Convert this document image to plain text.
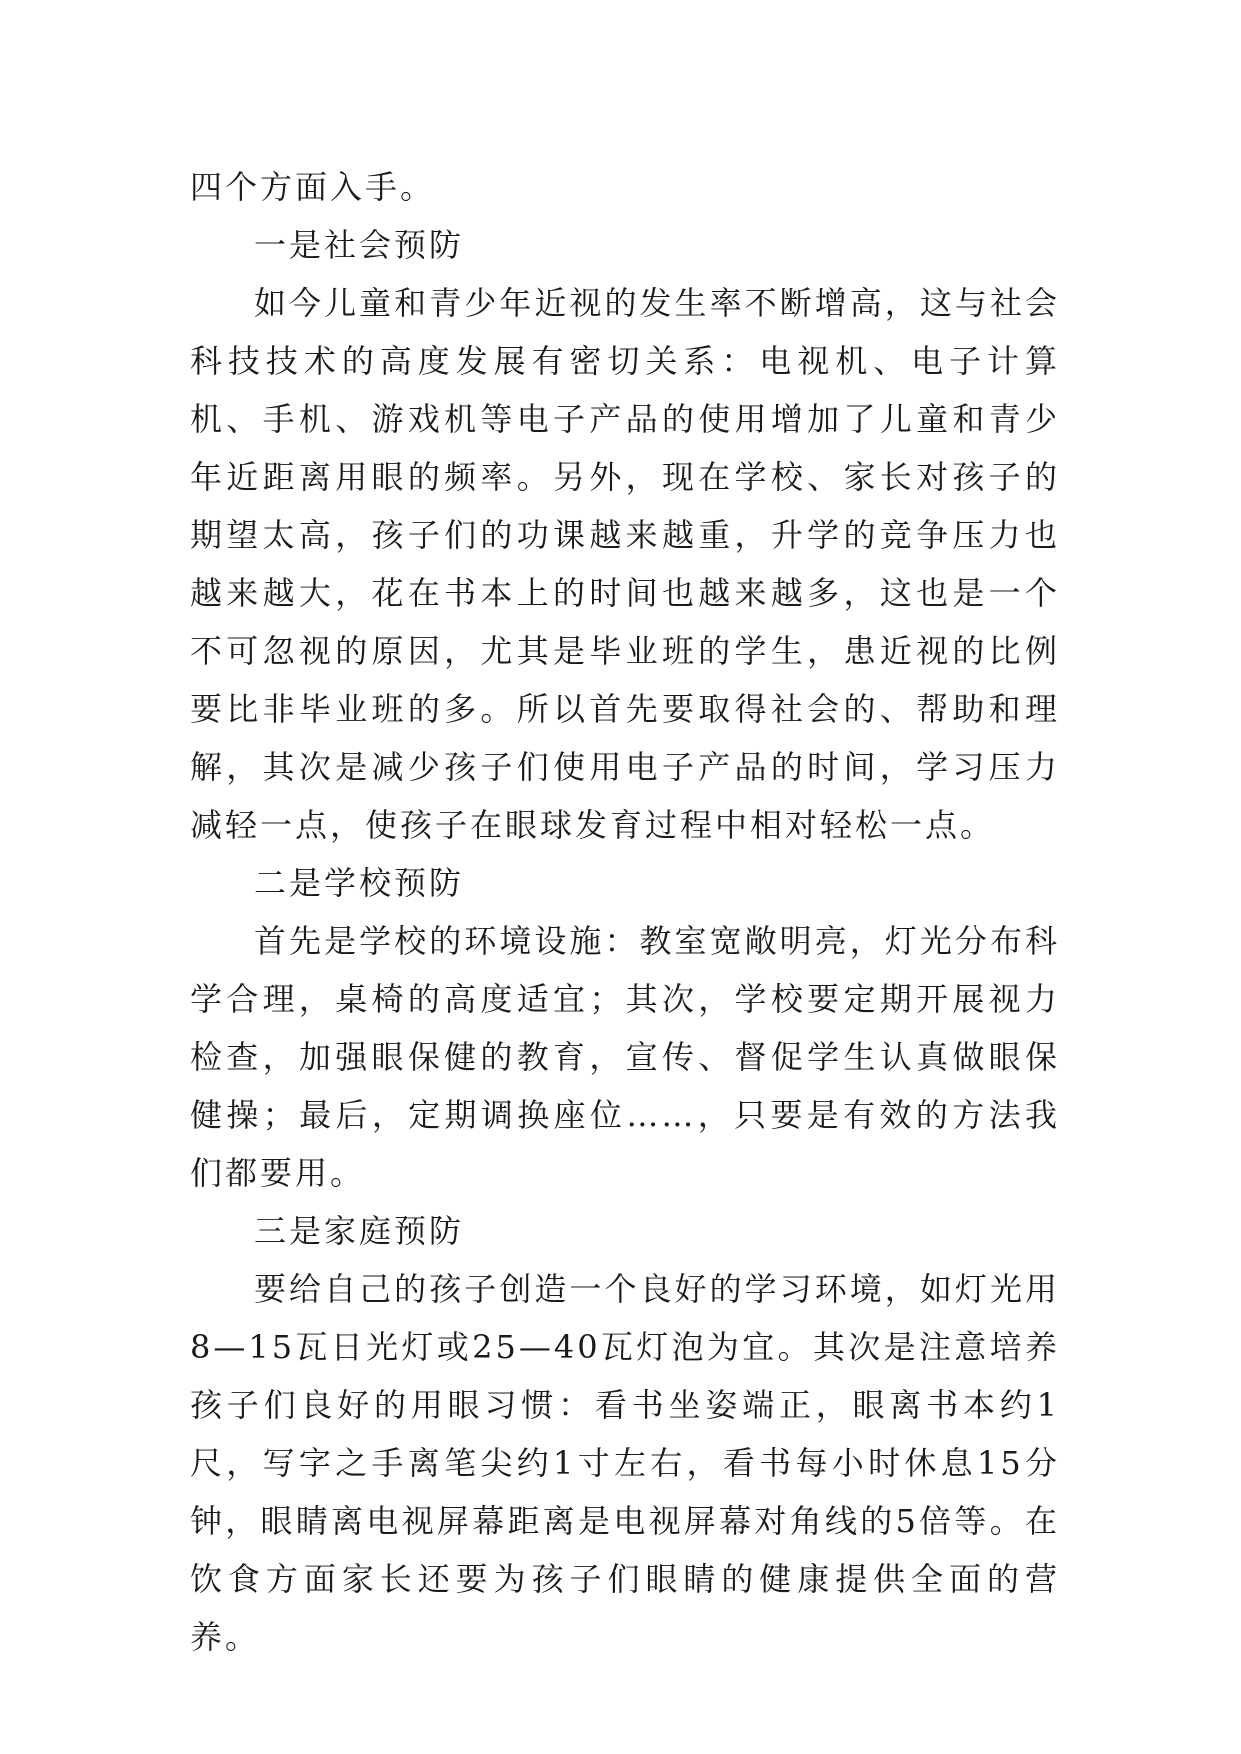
四个方面入手。

一是社会预防

如今儿童和青少年近视的发生率不断增高，这与社会科技技术的高度发展有密切关系：电视机、电子计算机、手机、游戏机等电子产品的使用增加了儿童和青少年近距离用眼的频率。另外，现在学校、家长对孩子的期望太高，孩子们的功课越来越重，升学的竞争压力也越来越大，花在书本上的时间也越来越多，这也是一个不可忽视的原因，尤其是毕业班的学生，患近视的比例要比非毕业班的多。所以首先要取得社会的、帮助和理解，其次是减少孩子们使用电子产品的时间，学习压力减轻一点，使孩子在眼球发育过程中相对轻松一点。

二是学校预防

首先是学校的环境设施：教室宽敞明亮，灯光分布科学合理，桌椅的高度适宜；其次，学校要定期开展视力检查，加强眼保健的教育，宣传、督促学生认真做眼保健操；最后，定期调换座位……，只要是有效的方法我们都要用。

三是家庭预防

要给自己的孩子创造一个良好的学习环境，如灯光用8—15瓦日光灯或25—40瓦灯泡为宜。其次是注意培养孩子们良好的用眼习惯：看书坐姿端正，眼离书本约1尺，写字之手离笔尖约1寸左右，看书每小时休息15分钟，眼睛离电视屏幕距离是电视屏幕对角线的5倍等。在饮食方面家长还要为孩子们眼睛的健康提供全面的营养。
